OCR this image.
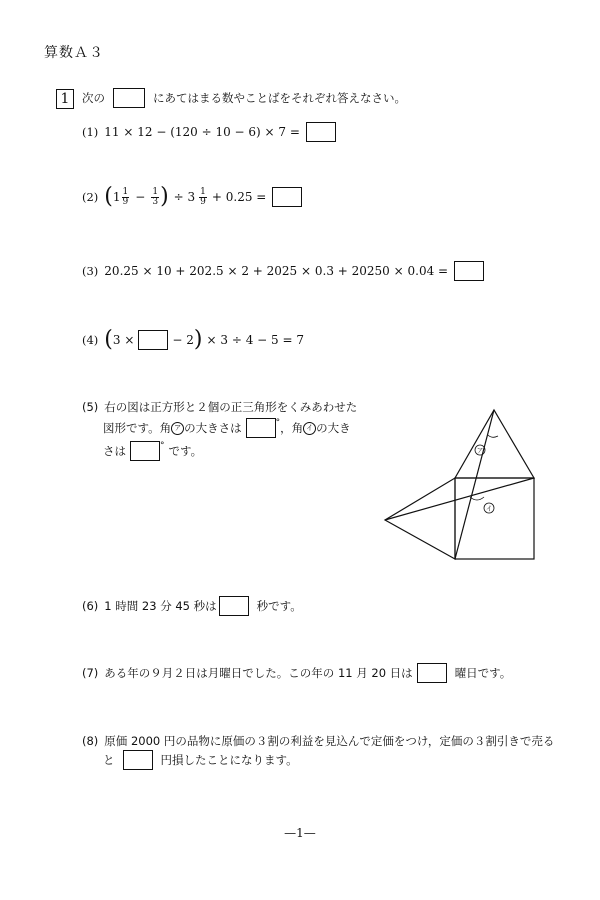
算数Ａ３
1	次の	にあてはまる数やことばをそれぞれ答えなさい。
(1) 11 × 12 − (120 ÷ 10 − 6) × 7 =
(2) ( $1 \frac{1}{9} - \frac{1}{3}$ ) ÷ $3 \frac{1}{9} + 0.25$ =
(3) 20.25 × 10 + 202.5 × 2 + 2025 × 0.3 + 20250 × 0.04 =
(4) ( 3 ×	− 2 ) × 3 ÷ 4 − 5 = 7
(5) 右の図は正方形と２個の正三角形をくみあわせた
図形です。角 ア の大きさは	° ，角 イ の大き
さは	° です。	ア
イ
(6) 1 時間 23 分 45 秒は	秒です。
(7) ある年の９月２日は月曜日でした。この年の 11 月 20 日は	曜日です。
(8) 原価 2000 円の品物に原価の３割の利益を見込んで定価をつけ，定価の３割引きで売る
と	円損したことになります。
—1—
